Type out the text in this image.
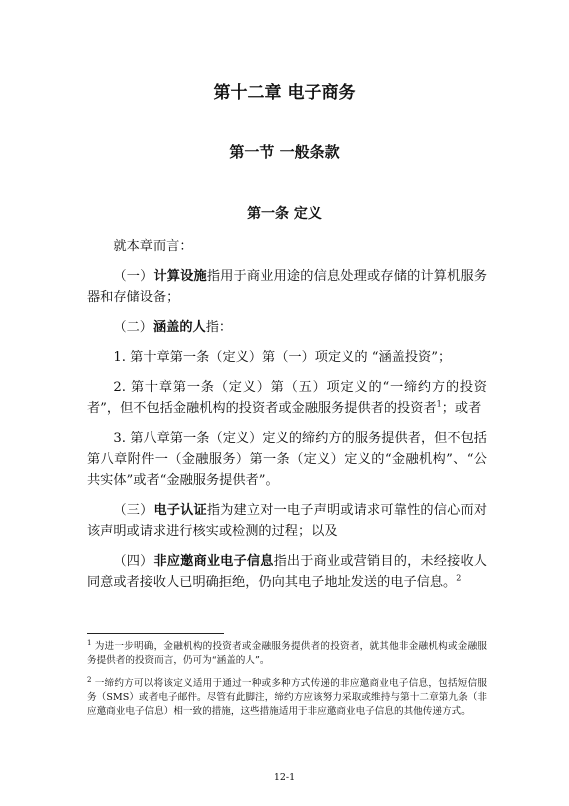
第十二章 电子商务
第一节 一般条款
第一条 定义

就本章而言：

（一）计算设施指用于商业用途的信息处理或存储的计算机服务器和存储设备；

（二）涵盖的人指：

1. 第十章第一条（定义）第（一）项定义的 “涵盖投资”；

2. 第十章第一条（定义）第（五）项定义的“一缔约方的投资者”，但不包括金融机构的投资者或金融服务提供者的投资者$^1$；或者

3. 第八章第一条（定义）定义的缔约方的服务提供者，但不包括第八章附件一（金融服务）第一条（定义）定义的“金融机构”、“公共实体”或者“金融服务提供者”。

（三）电子认证指为建立对一电子声明或请求可靠性的信心而对该声明或请求进行核实或检测的过程；以及

（四）非应邀商业电子信息指出于商业或营销目的，未经接收人同意或者接收人已明确拒绝，仍向其电子地址发送的电子信息。$^2$

$^1$ 为进一步明确，金融机构的投资者或金融服务提供者的投资者，就其他非金融机构或金融服务提供者的投资而言，仍可为“涵盖的人”。

$^2$ 一缔约方可以将该定义适用于通过一种或多种方式传递的非应邀商业电子信息，包括短信服务（SMS）或者电子邮件。尽管有此脚注，缔约方应该努力采取或维持与第十二章第九条（非应邀商业电子信息）相一致的措施，这些措施适用于非应邀商业电子信息的其他传递方式。

12-1
